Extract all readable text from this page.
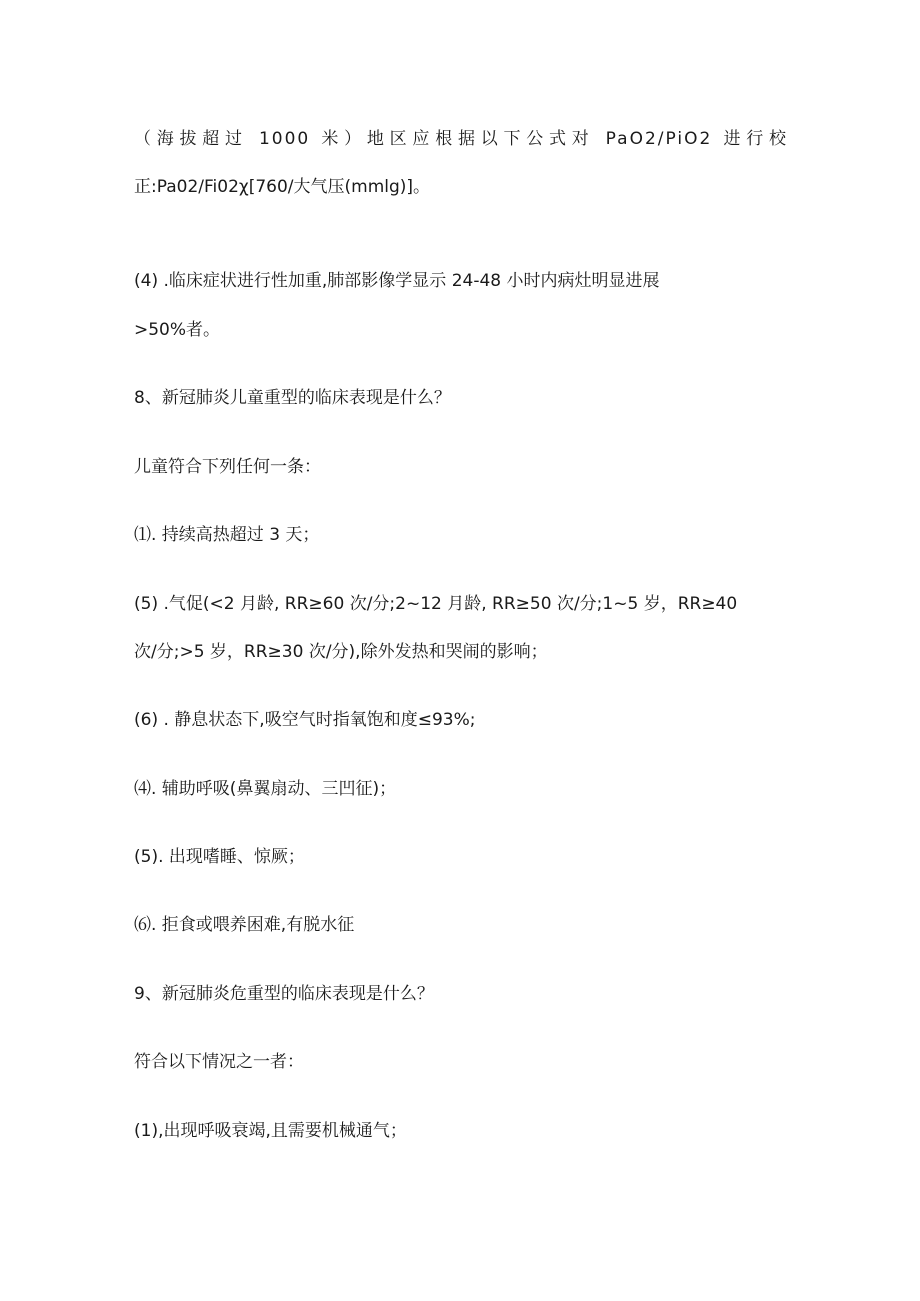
（海拔超过 1000 米）地区应根据以下公式对 PaO2/PiO2 进行校
正:Pa02/Fi02χ[760/大气压(mmlg)]。
(4) .临床症状进行性加重,肺部影像学显示 24-48 小时内病灶明显进展
>50%者。
8、新冠肺炎儿童重型的临床表现是什么？
儿童符合下列任何一条：
⑴. 持续高热超过 3 天；
(5) .气促(<2 月龄, RR≥60 次/分;2~12 月龄, RR≥50 次/分;1~5 岁，RR≥40
次/分;>5 岁，RR≥30 次/分),除外发热和哭闹的影响；
(6) . 静息状态下,吸空气时指氧饱和度≤93%;
⑷. 辅助呼吸(鼻翼扇动、三凹征)；
(5). 出现嗜睡、惊厥；
⑹. 拒食或喂养困难,有脱水征
9、新冠肺炎危重型的临床表现是什么？
符合以下情况之一者：
(1),出现呼吸衰竭,且需要机械通气；
